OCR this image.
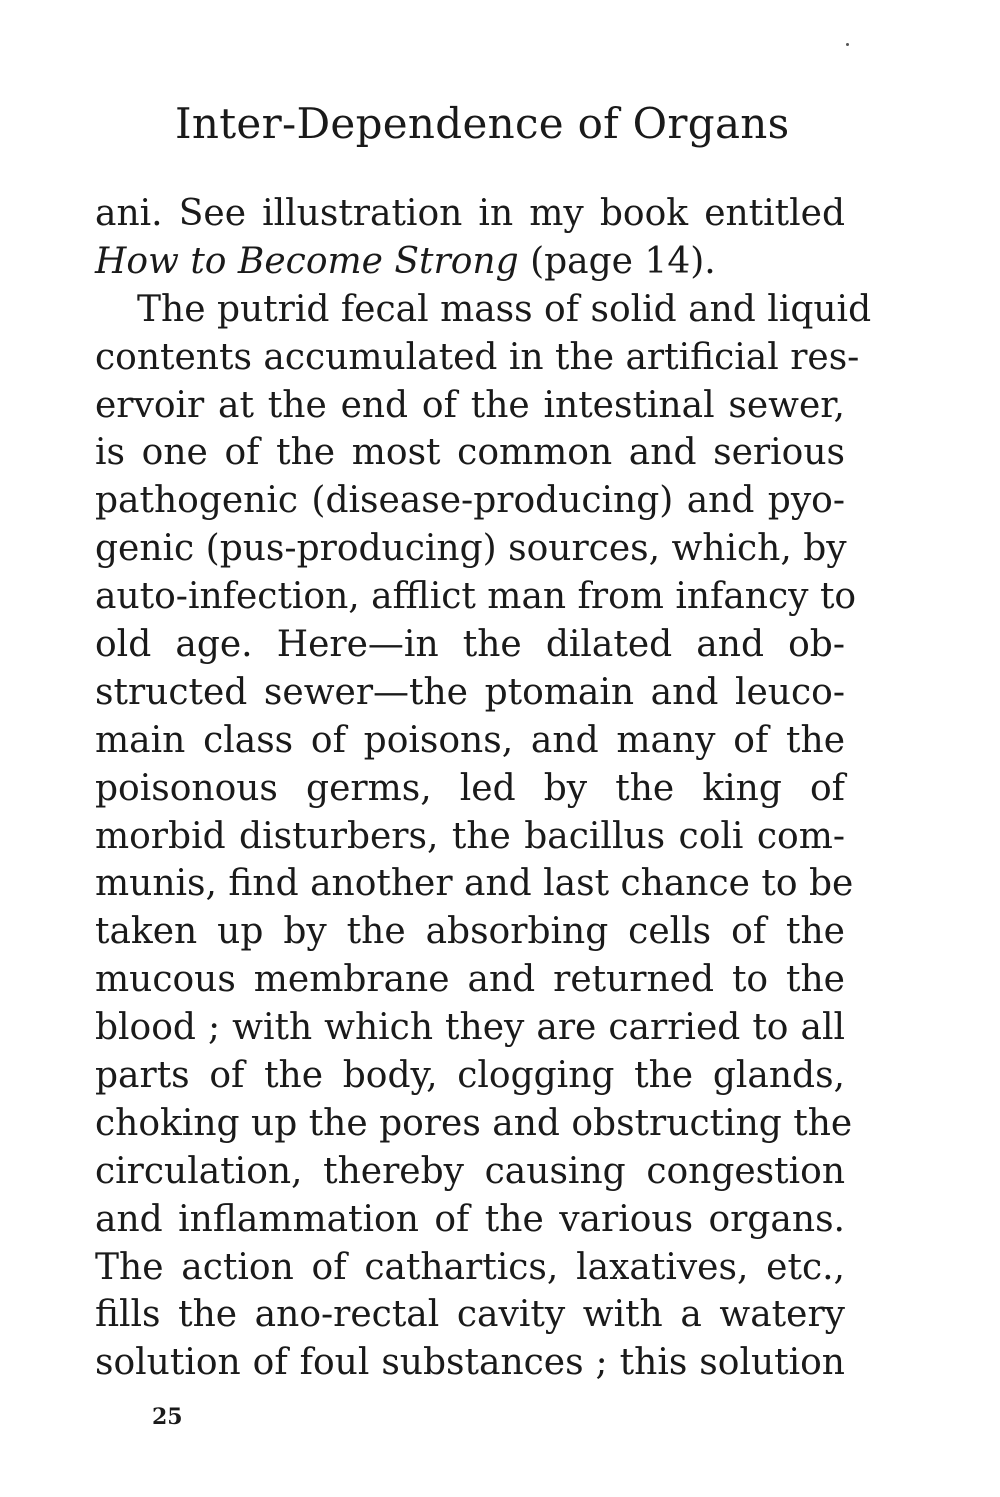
Inter-Dependence of Organs
ani. See illustration in my book entitled
How to Become Strong (page 14).
The putrid fecal mass of solid and liquid
contents accumulated in the artificial res-
ervoir at the end of the intestinal sewer,
is one of the most common and serious
pathogenic (disease-producing) and pyo-
genic (pus-producing) sources, which, by
auto-infection, afflict man from infancy to
old age. Here—in the dilated and ob-
structed sewer—the ptomain and leuco-
main class of poisons, and many of the
poisonous germs, led by the king of
morbid disturbers, the bacillus coli com-
munis, find another and last chance to be
taken up by the absorbing cells of the
mucous membrane and returned to the
blood ; with which they are carried to all
parts of the body, clogging the glands,
choking up the pores and obstructing the
circulation, thereby causing congestion
and inflammation of the various organs.
The action of cathartics, laxatives, etc.,
fills the ano-rectal cavity with a watery
solution of foul substances ; this solution
25
